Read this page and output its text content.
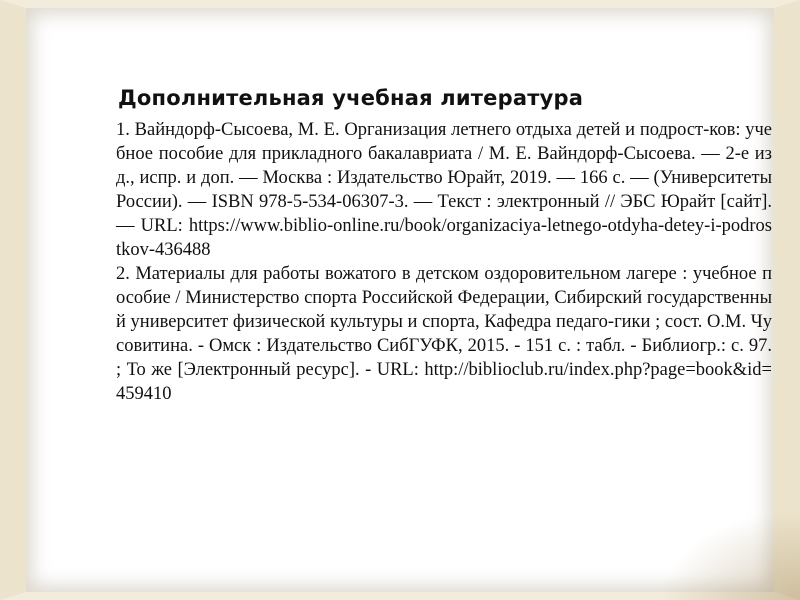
Дополнительная учебная литература

1. Вайндорф-Сысоева, М. Е. Организация летнего отдыха детей и подрост-ков: учебное пособие для прикладного бакалавриата / М. Е. Вайндорф-Сысоева. — 2-е изд., испр. и доп. — Москва : Издательство Юрайт, 2019. — 166 с. — (Университеты России). — ISBN 978-5-534-06307-3. — Текст : электронный // ЭБС Юрайт [сайт]. — URL: https://www.biblio-online.ru/book/organizaciya-letnego-otdyha-detey-i-podrostkov-436488

2. Материалы для работы вожатого в детском оздоровительном лагере : учебное пособие / Министерство спорта Российской Федерации, Сибирский государственный университет физической культуры и спорта, Кафедра педаго-гики ; сост. О.М. Чусовитина. - Омск : Издательство СибГУФК, 2015. - 151 с. : табл. - Библиогр.: с. 97. ; То же [Электронный ресурс]. - URL: http://biblioclub.ru/index.php?page=book&id=459410
